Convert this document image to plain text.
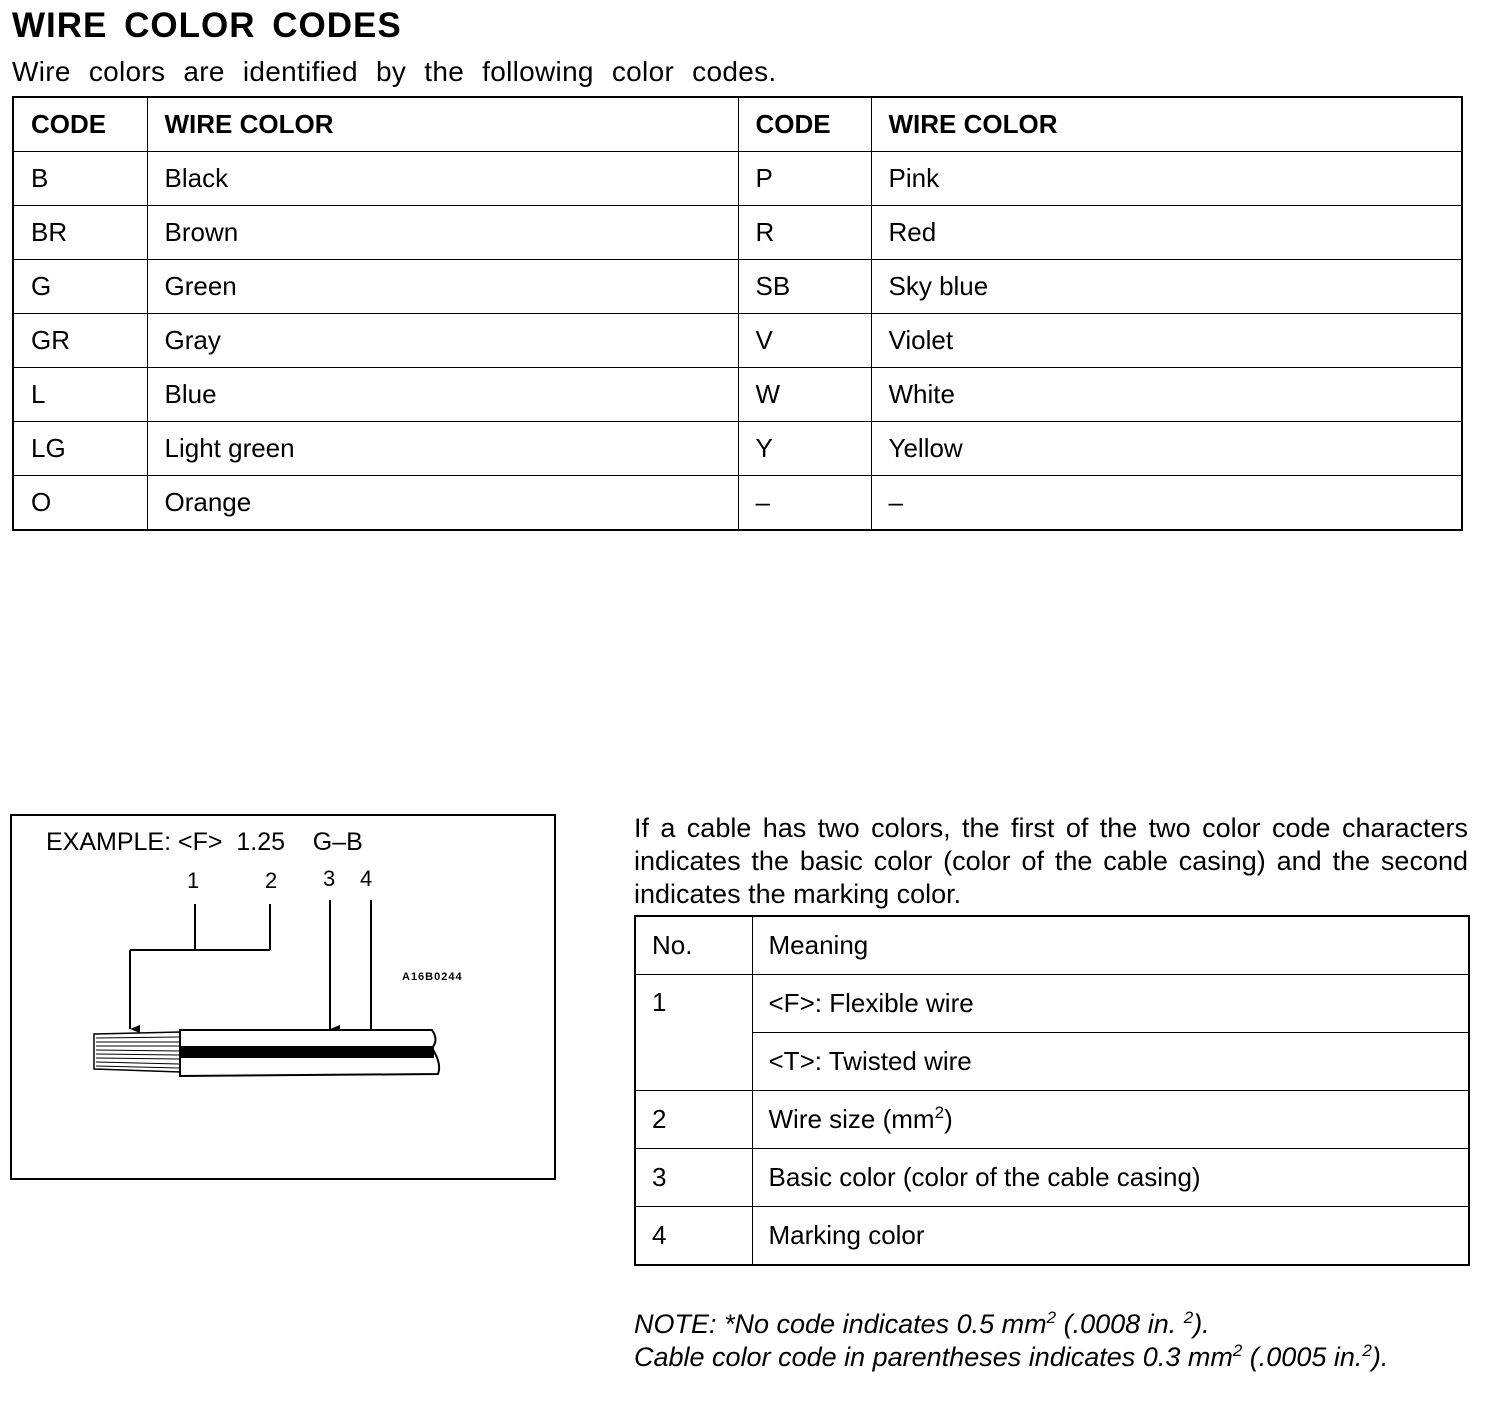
WIRE COLOR CODES
Wire colors are identified by the following color codes.
CODE	WIRE COLOR	CODE	WIRE COLOR
B	Black	P	Pink
BR	Brown	R	Red
G	Green	SB	Sky blue
GR	Gray	V	Violet
L	Blue	W	White
LG	Light green	Y	Yellow
O	Orange	–	–
EXAMPLE: <F>  1.25    G–B
1	2 3 4
A16B0244
If a cable has two colors, the first of the two color code characters indicates the basic color (color of the cable casing) and the second indicates the marking color.
No.	Meaning
1	<F>: Flexible wire
	<T>: Twisted wire
2	Wire size $(mm^2)$
3	Basic color (color of the cable casing)
4	Marking color
NOTE: *No code indicates 0.5 $mm^2$ (.0008 in. $^2$).
Cable color code in parentheses indicates 0.3 $mm^2$ (.0005 in.$^2$).
